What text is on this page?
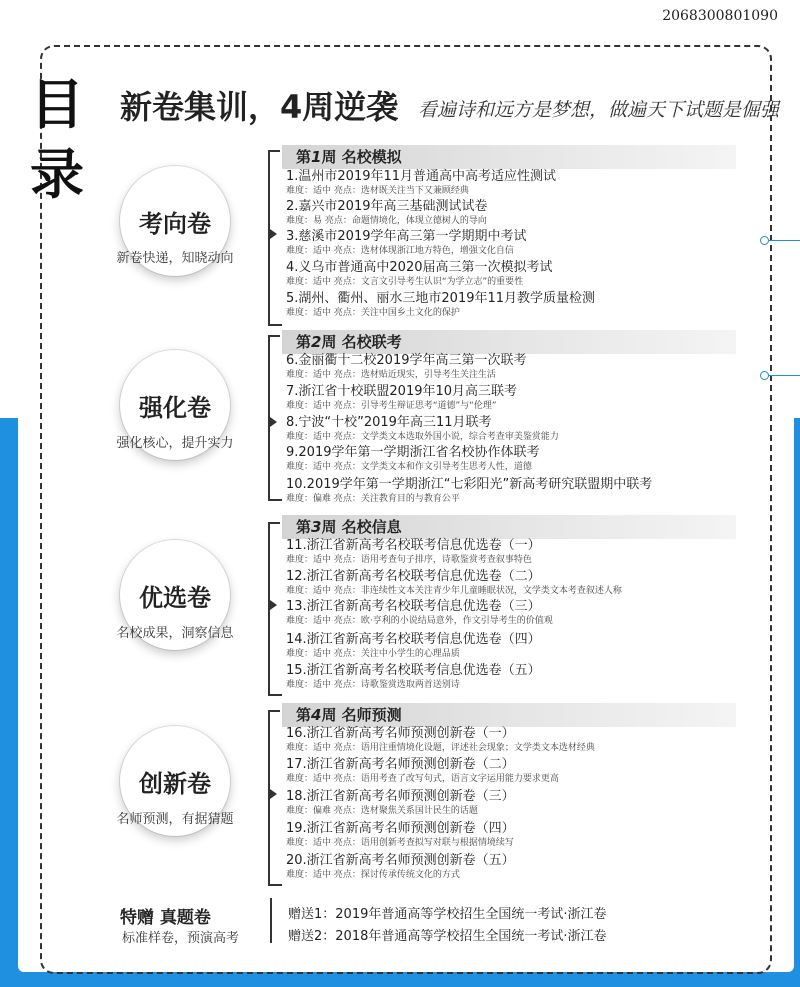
2068300801090
目录
新卷集训，4周逆袭 看遍诗和远方是梦想，做遍天下试题是倔强
考向卷
新卷快递，知晓动向
第1周 名校模拟
1.温州市2019年11月普通高中高考适应性测试
难度：适中 亮点：选材既关注当下又兼顾经典
2.嘉兴市2019年高三基础测试试卷
难度：易 亮点：命题情境化，体现立德树人的导向
3.慈溪市2019学年高三第一学期期中考试
难度：适中 亮点：选材体现浙江地方特色，增强文化自信
4.义乌市普通高中2020届高三第一次模拟考试
难度：适中 亮点：文言文引导考生认识“为学立志”的重要性
5.湖州、衢州、丽水三地市2019年11月教学质量检测
难度：适中 亮点：关注中国乡土文化的保护
强化卷
强化核心，提升实力
第2周 名校联考
6.金丽衢十二校2019学年高三第一次联考
难度：适中 亮点：选材贴近现实，引导考生关注生活
7.浙江省十校联盟2019年10月高三联考
难度：适中 亮点：引导考生辩证思考“道德”与“伦理”
8.宁波“十校”2019年高三11月联考
难度：适中 亮点：文学类文本选取外国小说，综合考查审美鉴赏能力
9.2019学年第一学期浙江省名校协作体联考
难度：适中 亮点：文学类文本和作文引导考生思考人性，道德
10.2019学年第一学期浙江“七彩阳光”新高考研究联盟期中联考
难度：偏难 亮点：关注教育目的与教育公平
优选卷
名校成果，洞察信息
第3周 名校信息
11.浙江省新高考名校联考信息优选卷（一）
难度：适中 亮点：语用考查句子排序，诗歌鉴赏考查叙事特色
12.浙江省新高考名校联考信息优选卷（二）
难度：适中 亮点：非连续性文本关注青少年儿童睡眠状况，文学类文本考查叙述人称
13.浙江省新高考名校联考信息优选卷（三）
难度：适中 亮点：欧·亨利的小说结局意外，作文引导考生的价值观
14.浙江省新高考名校联考信息优选卷（四）
难度：适中 亮点：关注中小学生的心理品质
15.浙江省新高考名校联考信息优选卷（五）
难度：适中 亮点：诗歌鉴赏选取两首送别诗
创新卷
名师预测，有据猜题
第4周 名师预测
16.浙江省新高考名师预测创新卷（一）
难度：适中 亮点：语用注重情境化设题，评述社会现象；文学类文本选材经典
17.浙江省新高考名师预测创新卷（二）
难度：适中 亮点：语用考查了改写句式，语言文字运用能力要求更高
18.浙江省新高考名师预测创新卷（三）
难度：偏难 亮点：选材聚焦关系国计民生的话题
19.浙江省新高考名师预测创新卷（四）
难度：适中 亮点：语用创新考查拟写对联与根据情境续写
20.浙江省新高考名师预测创新卷（五）
难度：适中 亮点：探讨传承传统文化的方式
特赠 真题卷
标准样卷，预演高考
赠送1：2019年普通高等学校招生全国统一考试·浙江卷
赠送2：2018年普通高等学校招生全国统一考试·浙江卷
